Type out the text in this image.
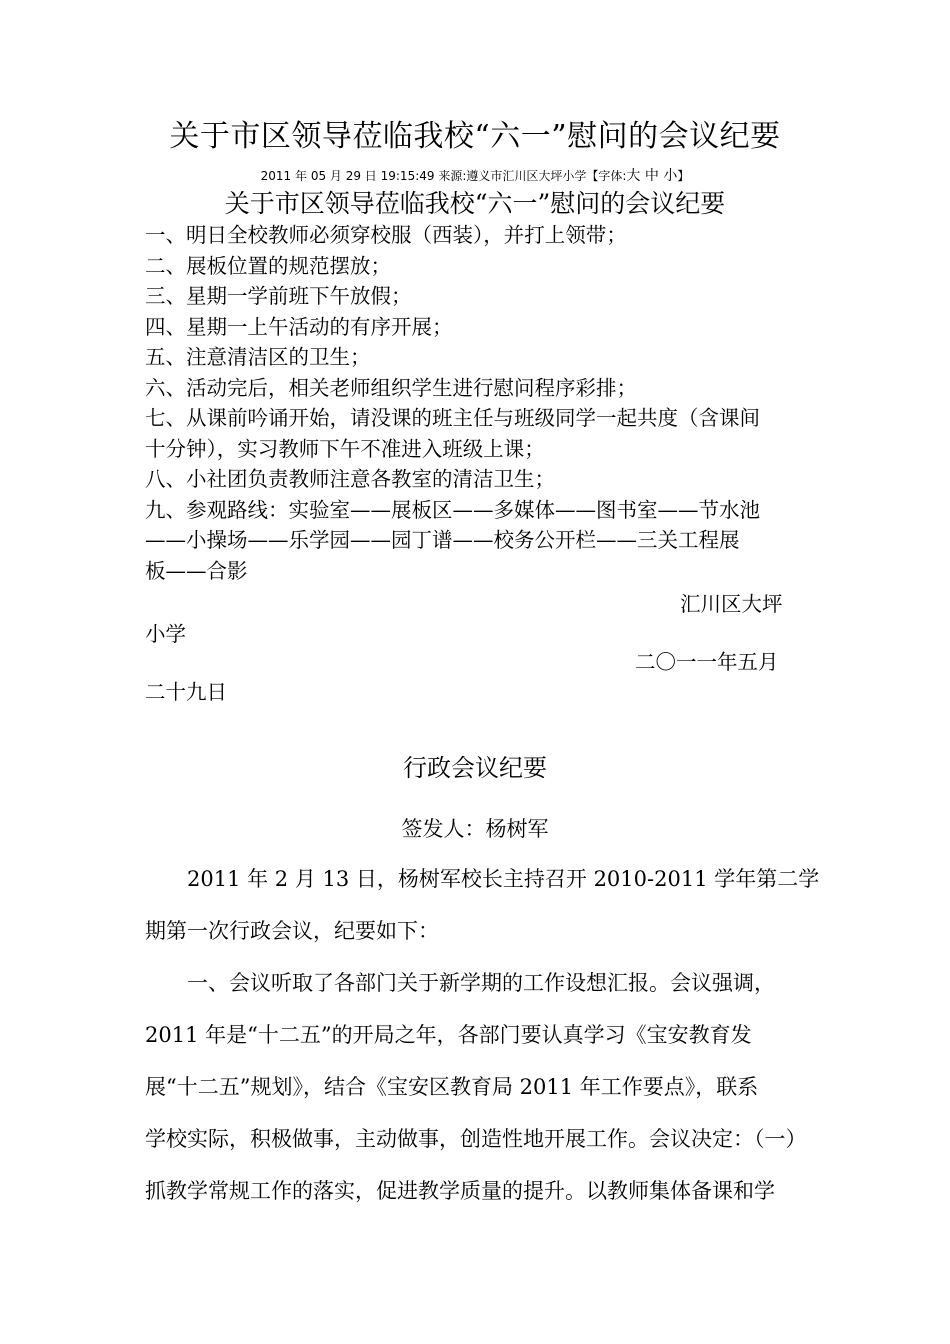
关于市区领导莅临我校“六一”慰问的会议纪要
2011 年 05 月 29 日 19:15:49 来源:遵义市汇川区大坪小学【字体:大 中 小】
关于市区领导莅临我校“六一”慰问的会议纪要
一、明日全校教师必须穿校服（西装），并打上领带；
二、展板位置的规范摆放；
三、星期一学前班下午放假；
四、星期一上午活动的有序开展；
五、注意清洁区的卫生；
六、活动完后，相关老师组织学生进行慰问程序彩排；
七、从课前吟诵开始，请没课的班主任与班级同学一起共度（含课间
十分钟），实习教师下午不准进入班级上课；
八、小社团负责教师注意各教室的清洁卫生；
九、参观路线：实验室——展板区——多媒体——图书室——节水池
——小操场——乐学园——园丁谱——校务公开栏——三关工程展
板——合影
汇川区大坪
小学
二〇一一年五月
二十九日
行政会议纪要
签发人：杨树军
　　2011 年 2 月 13 日，杨树军校长主持召开 2010-2011 学年第二学
期第一次行政会议，纪要如下：
　　一、会议听取了各部门关于新学期的工作设想汇报。会议强调，
2011 年是“十二五”的开局之年，各部门要认真学习《宝安教育发
展“十二五”规划》，结合《宝安区教育局 2011 年工作要点》，联系
学校实际，积极做事，主动做事，创造性地开展工作。会议决定：（一）
抓教学常规工作的落实，促进教学质量的提升。以教师集体备课和学
